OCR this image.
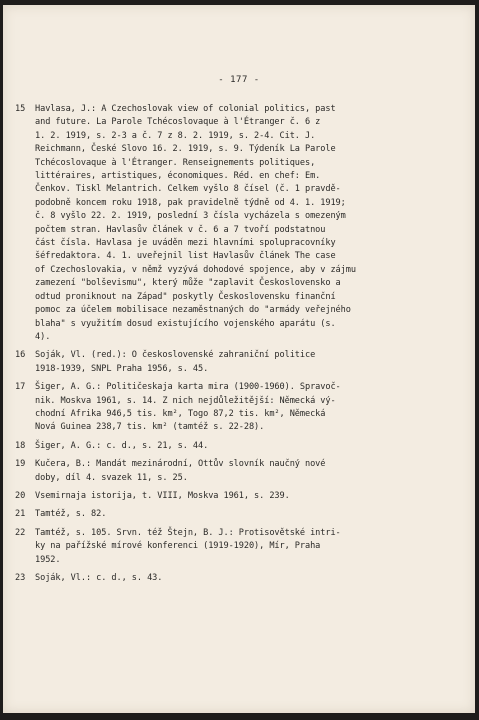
- 177 -
15 Havlasa, J.: A Czechoslovak view of colonial politics, past
and future. La Parole Tchécoslovaque à l'Étranger č. 6 z
1. 2. 1919, s. 2-3 a č. 7 z 8. 2. 1919, s. 2-4. Cit. J.
Reichmann, České Slovo 16. 2. 1919, s. 9. Týdeník La Parole
Tchécoslovaque à l'Étranger. Renseignements politiques,
littéraires, artistiques, économiques. Réd. en chef: Em.
Čenkov. Tiskl Melantrich. Celkem vyšlo 8 čísel (č. 1 pravdě-
podobně koncem roku 1918, pak pravidelně týdně od 4. 1. 1919;
č. 8 vyšlo 22. 2. 1919, poslední 3 čísla vycházela s omezeným
počtem stran. Havlasův článek v č. 6 a 7 tvoří podstatnou
část čísla. Havlasa je uváděn mezi hlavními spolupracovníky
šéfredaktora. 4. 1. uveřejnil list Havlasův článek The case
of Czechoslovakia, v němž vyzývá dohodové spojence, aby v zájmu
zamezení "bolševismu", který může "zaplavit Československo a
odtud proniknout na Západ" poskytly Československu finanční
pomoc za účelem mobilisace nezaměstnaných do "armády veřejného
blaha" s využitím dosud existujícího vojenského aparátu (s.
4).
16 Soják, Vl. (red.): O československé zahraniční politice
1918-1939, SNPL Praha 1956, s. 45.
17 Šiger, A. G.: Političeskaja karta mira (1900-1960). Spravoč-
nik. Moskva 1961, s. 14. Z nich nejdůležitější: Německá vý-
chodní Afrika 946,5 tis. km², Togo 87,2 tis. km², Německá
Nová Guinea 238,7 tis. km² (tamtéž s. 22-28).
18 Šiger, A. G.: c. d., s. 21, s. 44.
19 Kučera, B.: Mandát mezinárodní, Ottův slovník naučný nové
doby, díl 4. svazek 11, s. 25.
20 Vsemirnaja istorija, t. VIII, Moskva 1961, s. 239.
21 Tamtéž, s. 82.
22 Tamtéž, s. 105. Srvn. též Štejn, B. J.: Protisovětské intri-
ky na pařížské mírové konferenci (1919-1920), Mír, Praha
1952.
23 Soják, Vl.: c. d., s. 43.
